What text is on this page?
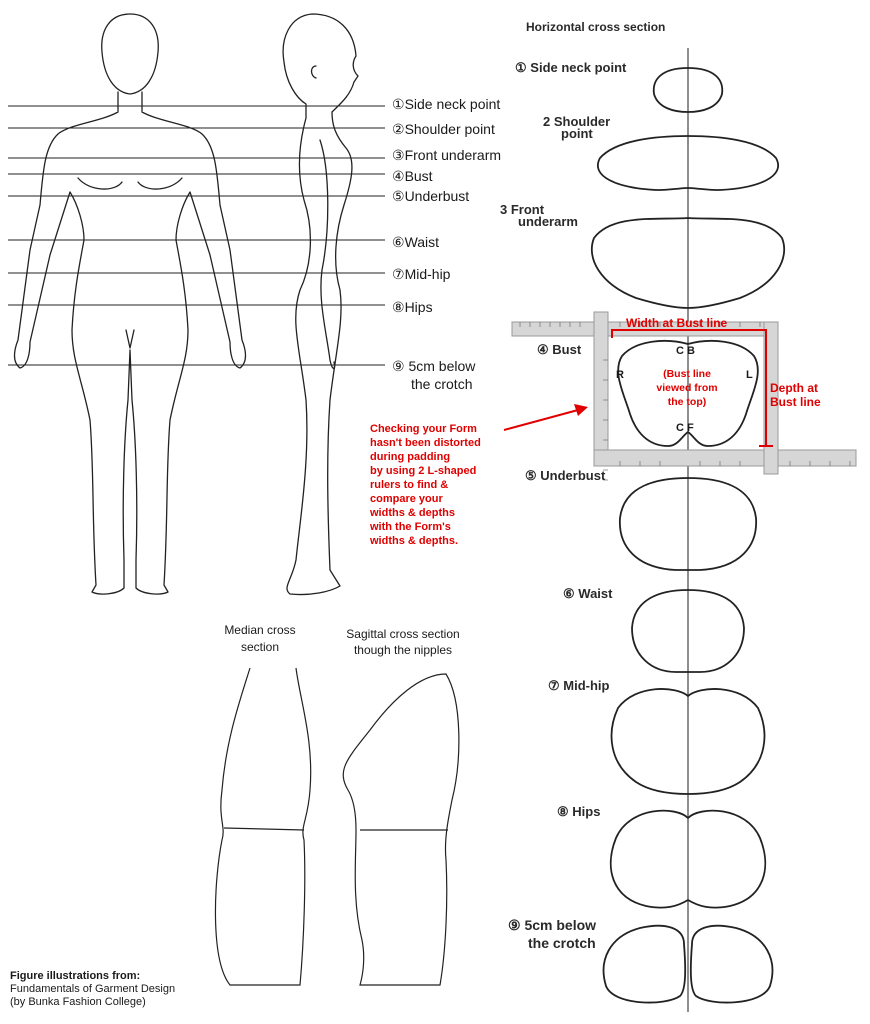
①Side neck point
②Shoulder point
③Front underarm
④Bust
⑤Underbust
⑥Waist
⑦Mid-hip
⑧Hips
⑨ 5cm below
the crotch
Horizontal cross section
① Side neck point
2 Shoulder
point
3 Front
underarm
④ Bust
⑤ Underbust
⑥ Waist
⑦ Mid-hip
⑧ Hips
⑨ 5cm below
the crotch
Median cross
section
Sagittal cross section
though the nipples
Width at Bust line
Depth at
Bust line
Checking your Form
hasn't been distorted
during padding
by using 2 L-shaped
rulers to find &
compare your
widths & depths
with the Form's
widths & depths.
C B
C F
R	L
(Bust line
viewed from
the top)
Figure illustrations from:
Fundamentals of Garment Design
(by Bunka Fashion College)
